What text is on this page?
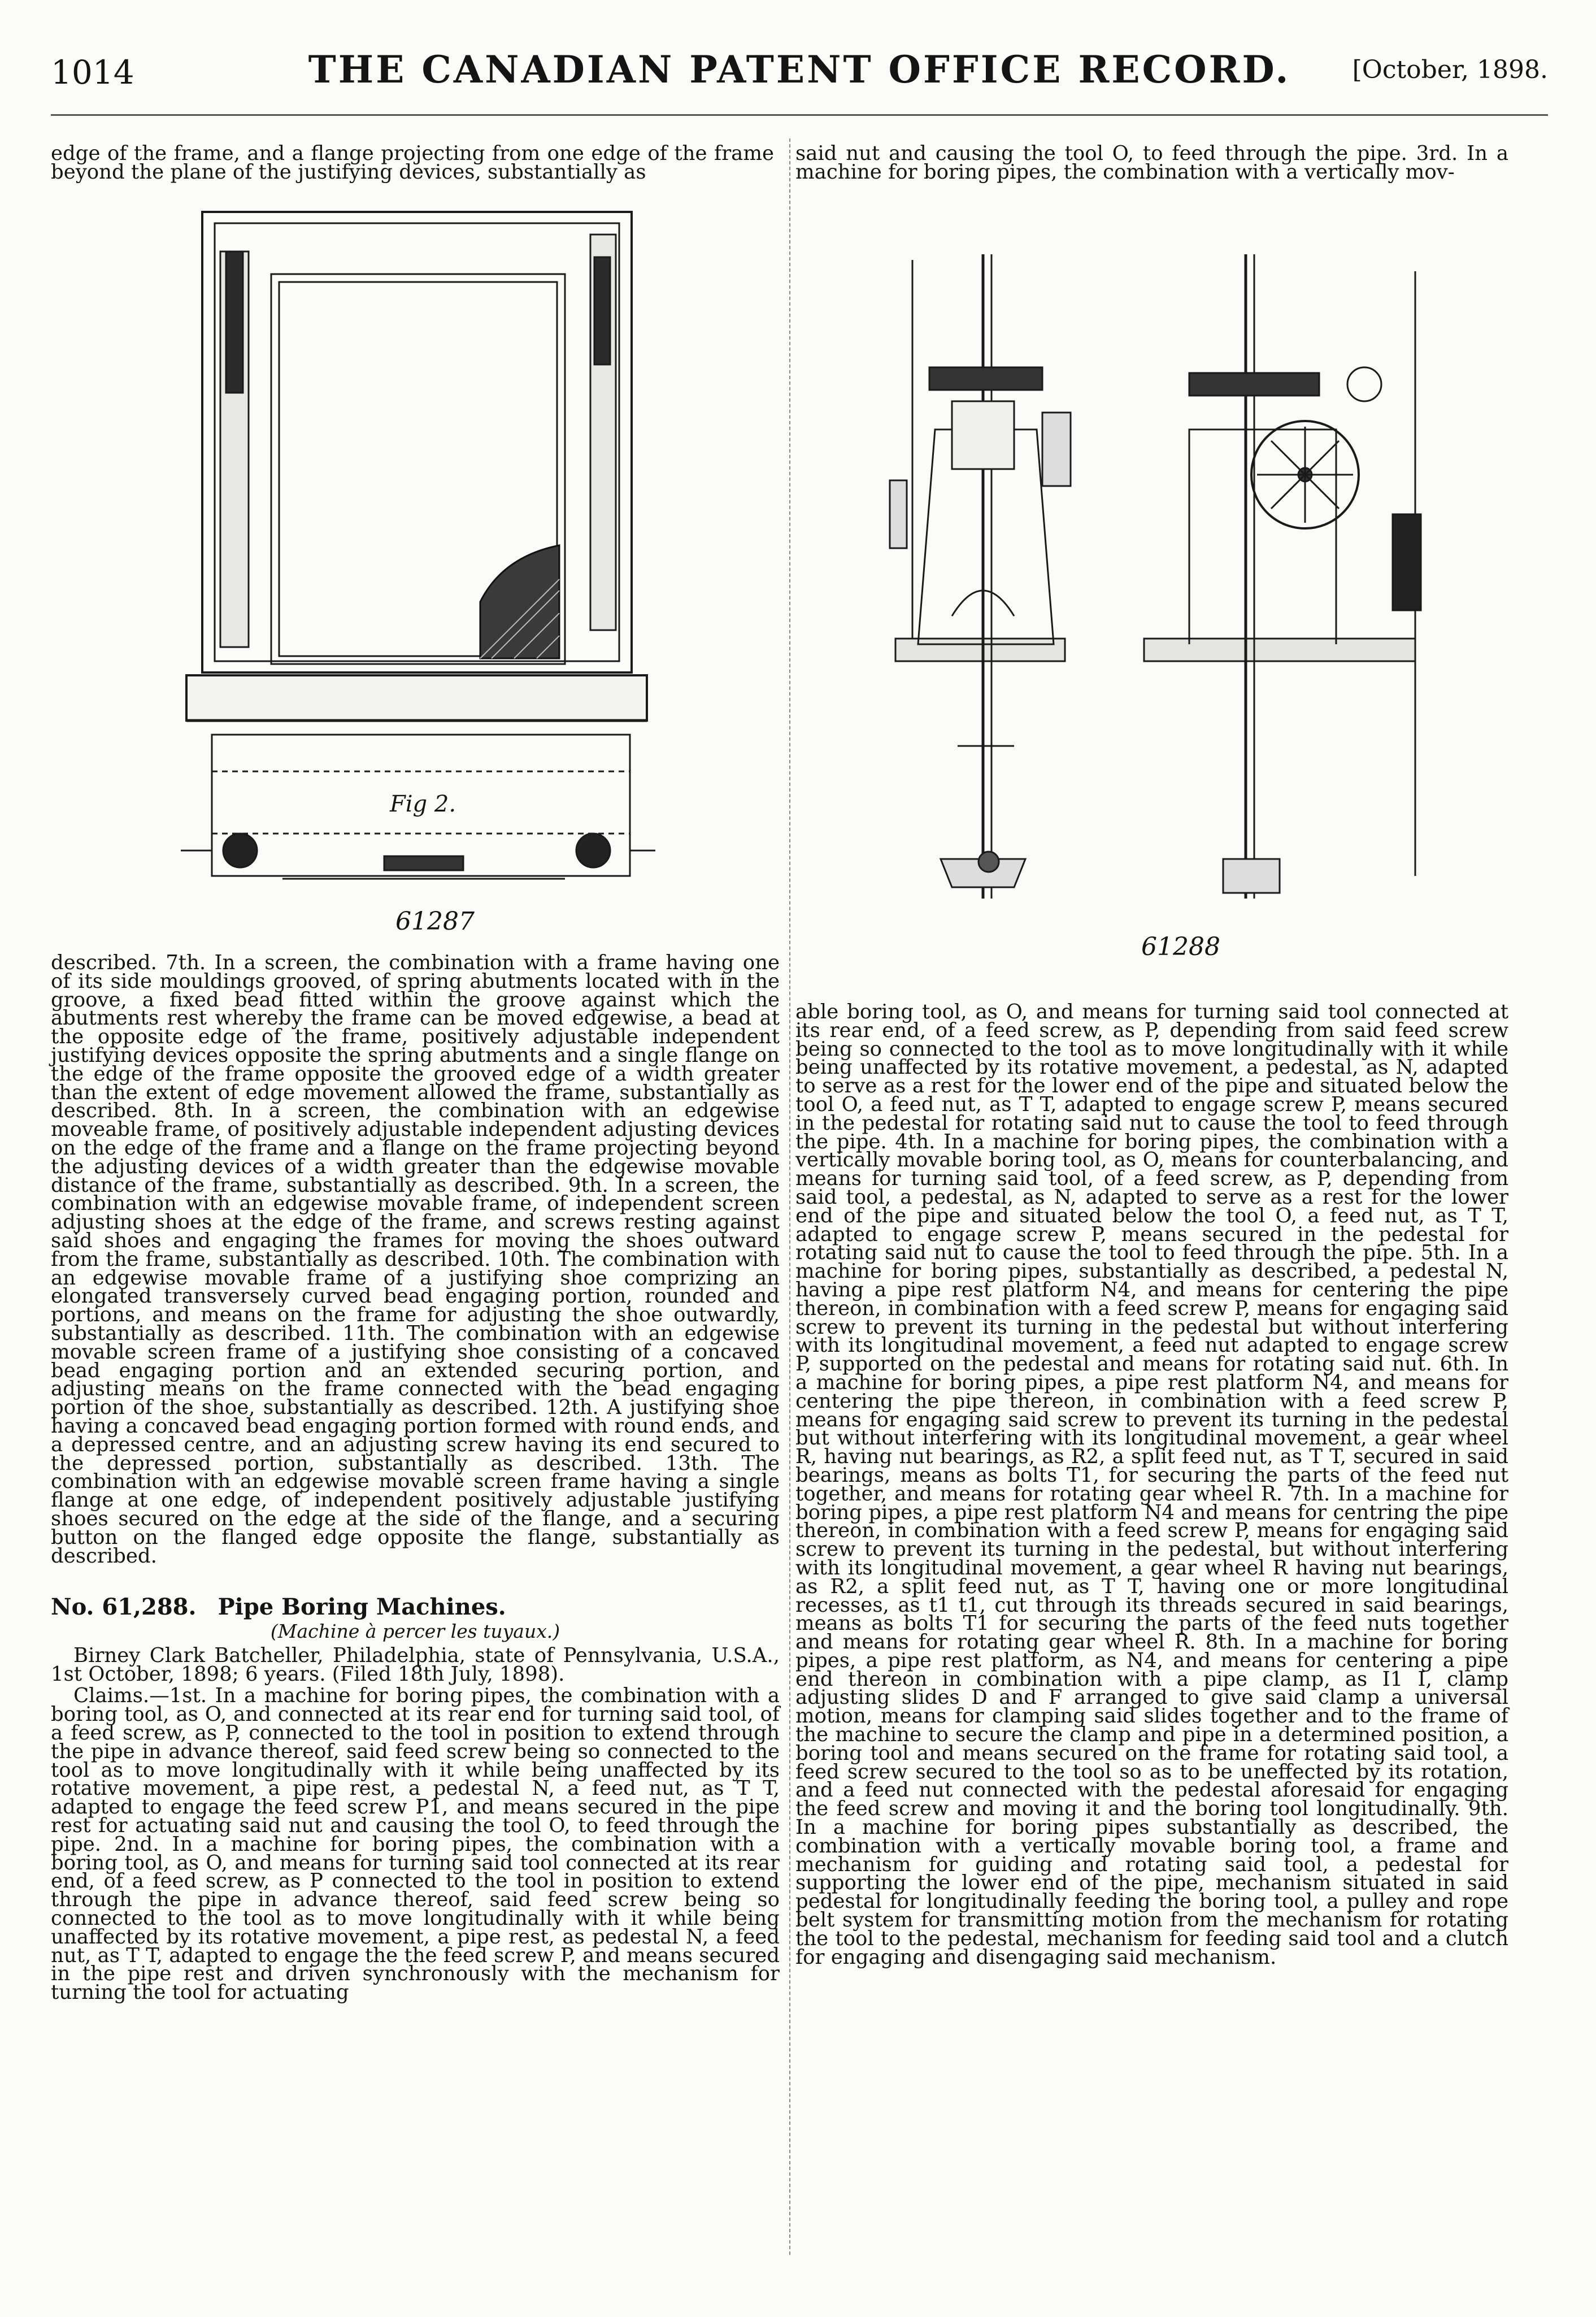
1014	THE CANADIAN PATENT OFFICE RECORD.	[October, 1898.

edge of the frame, and a flange projecting from one edge of the frame beyond the plane of the justifying devices, substantially as

said nut and causing the tool O, to feed through the pipe. 3rd. In a machine for boring pipes, the combination with a vertically mov-

61287
Fig 2.
61288

described. 7th. In a screen, the combination with a frame having one of its side mouldings grooved, of spring abutments located with in the groove, a fixed bead fitted within the groove against which the abutments rest whereby the frame can be moved edgewise, a bead at the opposite edge of the frame, positively adjustable independent justifying devices opposite the spring abutments and a single flange on the edge of the frame opposite the grooved edge of a width greater than the extent of edge movement allowed the frame, substantially as described. 8th. In a screen, the combination with an edgewise moveable frame, of positively adjustable independent adjusting devices on the edge of the frame and a flange on the frame projecting beyond the adjusting devices of a width greater than the edgewise movable distance of the frame, substantially as described. 9th. In a screen, the combination with an edgewise movable frame, of independent screen adjusting shoes at the edge of the frame, and screws resting against said shoes and engaging the frames for moving the shoes outward from the frame, substantially as described. 10th. The combination with an edgewise movable frame of a justifying shoe comprizing an elongated transversely curved bead engaging portion, rounded and portions, and means on the frame for adjusting the shoe outwardly, substantially as described. 11th. The combination with an edgewise movable screen frame of a justifying shoe consisting of a concaved bead engaging portion and an extended securing portion, and adjusting means on the frame connected with the bead engaging portion of the shoe, substantially as described. 12th. A justifying shoe having a concaved bead engaging portion formed with round ends, and a depressed centre, and an adjusting screw having its end secured to the depressed portion, substantially as described. 13th. The combination with an edgewise movable screen frame having a single flange at one edge, of independent positively adjustable justifying shoes secured on the edge at the side of the flange, and a securing button on the flanged edge opposite the flange, substantially as described.

No. 61,288. Pipe Boring Machines.
(Machine à percer les tuyaux.)

Birney Clark Batcheller, Philadelphia, state of Pennsylvania, U.S.A., 1st October, 1898; 6 years. (Filed 18th July, 1898).

Claims.—1st. In a machine for boring pipes, the combination with a boring tool, as O, and connected at its rear end for turning said tool, of a feed screw, as P, connected to the tool in position to extend through the pipe in advance thereof, said feed screw being so connected to the tool as to move longitudinally with it while being unaffected by its rotative movement, a pipe rest, a pedestal N, a feed nut, as T T, adapted to engage the feed screw P1, and means secured in the pipe rest for actuating said nut and causing the tool O, to feed through the pipe. 2nd. In a machine for boring pipes, the combination with a boring tool, as O, and means for turning said tool connected at its rear end, of a feed screw, as P connected to the tool in position to extend through the pipe in advance thereof, said feed screw being so connected to the tool as to move longitudinally with it while being unaffected by its rotative movement, a pipe rest, as pedestal N, a feed nut, as T T, adapted to engage the the feed screw P, and means secured in the pipe rest and driven synchronously with the mechanism for turning the tool for actuating

able boring tool, as O, and means for turning said tool connected at its rear end, of a feed screw, as P, depending from said feed screw being so connected to the tool as to move longitudinally with it while being unaffected by its rotative movement, a pedestal, as N, adapted to serve as a rest for the lower end of the pipe and situated below the tool O, a feed nut, as T T, adapted to engage screw P, means secured in the pedestal for rotating said nut to cause the tool to feed through the pipe. 4th. In a machine for boring pipes, the combination with a vertically movable boring tool, as O, means for counterbalancing, and means for turning said tool, of a feed screw, as P, depending from said tool, a pedestal, as N, adapted to serve as a rest for the lower end of the pipe and situated below the tool O, a feed nut, as T T, adapted to engage screw P, means secured in the pedestal for rotating said nut to cause the tool to feed through the pipe. 5th. In a machine for boring pipes, substantially as described, a pedestal N, having a pipe rest platform N4, and means for centering the pipe thereon, in combination with a feed screw P, means for engaging said screw to prevent its turning in the pedestal but without interfering with its longitudinal movement, a feed nut adapted to engage screw P, supported on the pedestal and means for rotating said nut. 6th. In a machine for boring pipes, a pipe rest platform N4, and means for centering the pipe thereon, in combination with a feed screw P, means for engaging said screw to prevent its turning in the pedestal but without interfering with its longitudinal movement, a gear wheel R, having nut bearings, as R2, a split feed nut, as T T, secured in said bearings, means as bolts T1, for securing the parts of the feed nut together, and means for rotating gear wheel R. 7th. In a machine for boring pipes, a pipe rest platform N4 and means for centring the pipe thereon, in combination with a feed screw P, means for engaging said screw to prevent its turning in the pedestal, but without interfering with its longitudinal movement, a gear wheel R having nut bearings, as R2, a split feed nut, as T T, having one or more longitudinal recesses, as t1 t1, cut through its threads secured in said bearings, means as bolts T1 for securing the parts of the feed nuts together and means for rotating gear wheel R. 8th. In a machine for boring pipes, a pipe rest platform, as N4, and means for centering a pipe end thereon in combination with a pipe clamp, as I1 I, clamp adjusting slides D and F arranged to give said clamp a universal motion, means for clamping said slides together and to the frame of the machine to secure the clamp and pipe in a determined position, a boring tool and means secured on the frame for rotating said tool, a feed screw secured to the tool so as to be uneffected by its rotation, and a feed nut connected with the pedestal aforesaid for engaging the feed screw and moving it and the boring tool longitudinally. 9th. In a machine for boring pipes substantially as described, the combination with a vertically movable boring tool, a frame and mechanism for guiding and rotating said tool, a pedestal for supporting the lower end of the pipe, mechanism situated in said pedestal for longitudinally feeding the boring tool, a pulley and rope belt system for transmitting motion from the mechanism for rotating the tool to the pedestal, mechanism for feeding said tool and a clutch for engaging and disengaging said mechanism.
